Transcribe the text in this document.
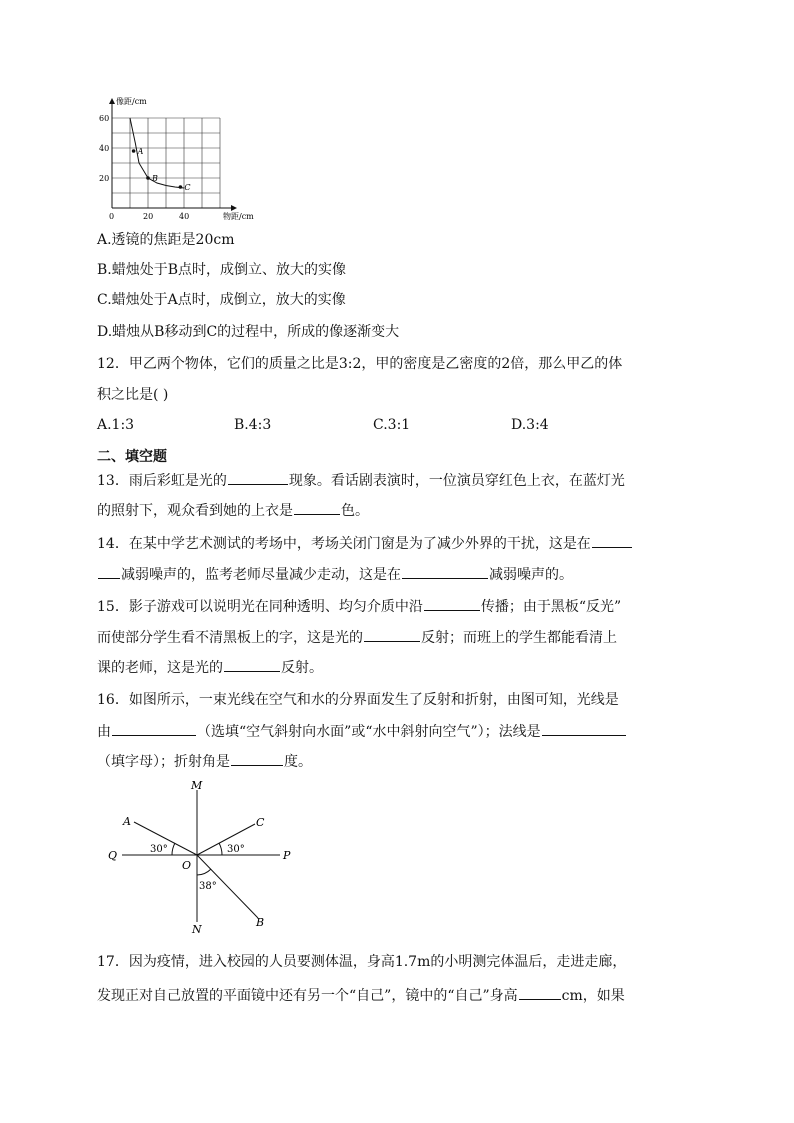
A
B
C
0	20	40
20
40
60
像距/cm
物距/cm
A.透镜的焦距是20cm
B.蜡烛处于B点时，成倒立、放大的实像
C.蜡烛处于A点时，成倒立，放大的实像
D.蜡烛从B移动到C的过程中，所成的像逐渐变大
12．甲乙两个物体，它们的质量之比是3:2，甲的密度是乙密度的2倍，那么甲乙的体
积之比是( )
A.1:3	B.4:3	C.3:1	D.3:4
二、填空题
13．雨后彩虹是光的	现象。看话剧表演时，一位演员穿红色上衣，在蓝灯光
的照射下，观众看到她的上衣是	色。
14．在某中学艺术测试的考场中，考场关闭门窗是为了减少外界的干扰，这是在
减弱噪声的，监考老师尽量减少走动，这是在	减弱噪声的。
15．影子游戏可以说明光在同种透明、均匀介质中沿	传播；由于黑板“反光”
而使部分学生看不清黑板上的字，这是光的	反射；而班上的学生都能看清上
课的老师，这是光的	反射。
16．如图所示，一束光线在空气和水的分界面发生了反射和折射，由图可知，光线是
由	（选填“空气斜射向水面”或“水中斜射向空气”）；法线是
（填字母）；折射角是	度。
M
N
A	C
B
Q	P
O
30°	30°
38°
17．因为疫情，进入校园的人员要测体温，身高1.7m的小明测完体温后，走进走廊，
发现正对自己放置的平面镜中还有另一个“自己”，镜中的“自己”身高	cm，如果
